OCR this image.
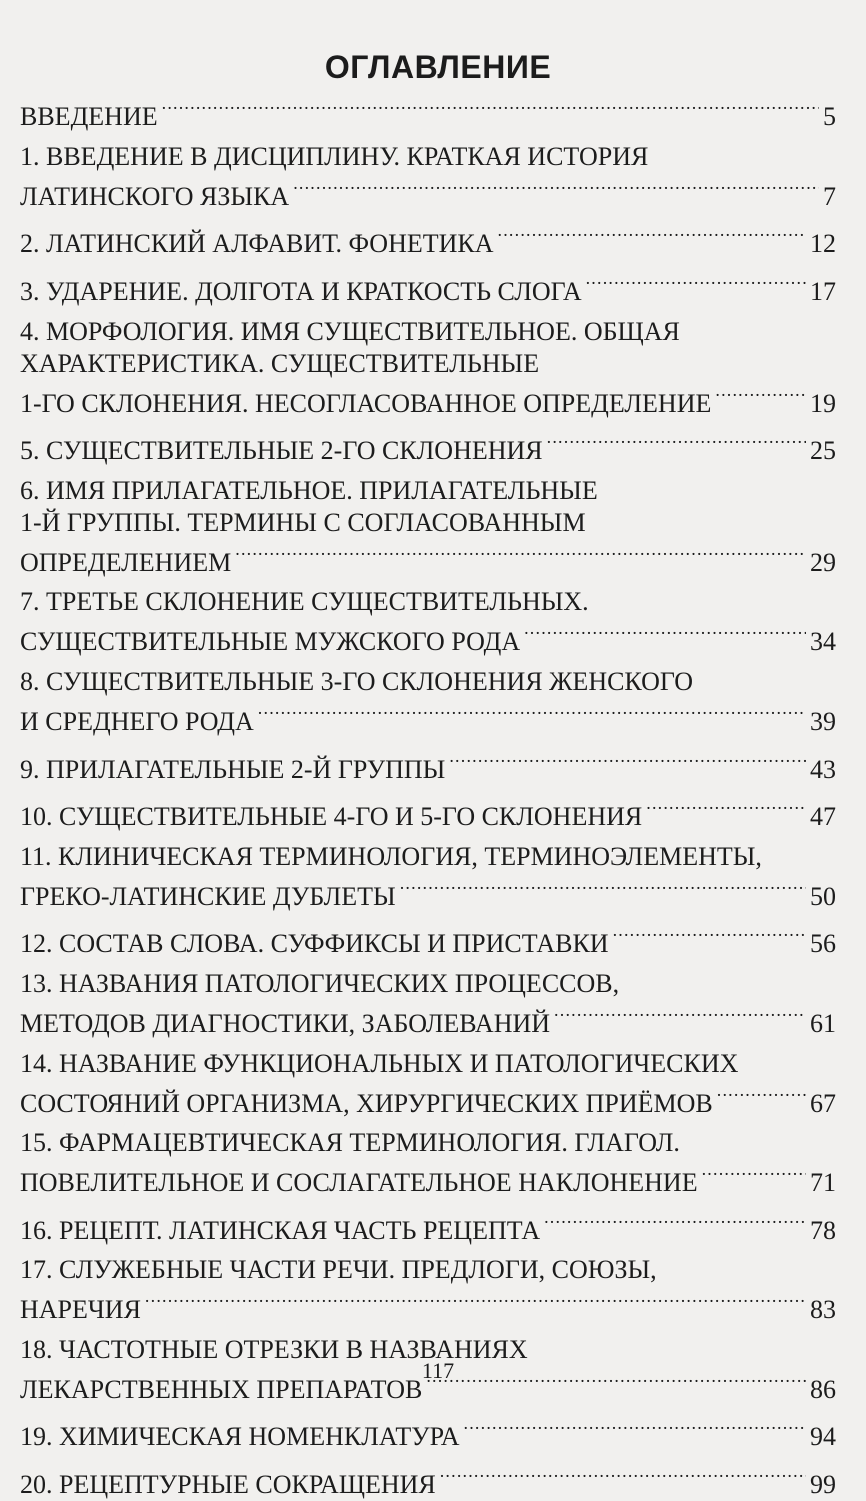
ОГЛАВЛЕНИЕ
ВВЕДЕНИЕ .....	5
1. ВВЕДЕНИЕ В ДИСЦИПЛИНУ. КРАТКАЯ ИСТОРИЯ
ЛАТИНСКОГО ЯЗЫКА .....	7
2. ЛАТИНСКИЙ АЛФАВИТ. ФОНЕТИКА .....	12
3. УДАРЕНИЕ. ДОЛГОТА И КРАТКОСТЬ СЛОГА .....	17
4. МОРФОЛОГИЯ. ИМЯ СУЩЕСТВИТЕЛЬНОЕ. ОБЩАЯ
ХАРАКТЕРИСТИКА. СУЩЕСТВИТЕЛЬНЫЕ
1-ГО СКЛОНЕНИЯ. НЕСОГЛАСОВАННОЕ ОПРЕДЕЛЕНИЕ .....	19
5. СУЩЕСТВИТЕЛЬНЫЕ 2-ГО СКЛОНЕНИЯ .....	25
6. ИМЯ ПРИЛАГАТЕЛЬНОЕ. ПРИЛАГАТЕЛЬНЫЕ
1-Й ГРУППЫ. ТЕРМИНЫ С СОГЛАСОВАННЫМ
ОПРЕДЕЛЕНИЕМ .....	29
7. ТРЕТЬЕ СКЛОНЕНИЕ СУЩЕСТВИТЕЛЬНЫХ.
СУЩЕСТВИТЕЛЬНЫЕ МУЖСКОГО РОДА .....	34
8. СУЩЕСТВИТЕЛЬНЫЕ 3-ГО СКЛОНЕНИЯ ЖЕНСКОГО
И СРЕДНЕГО РОДА .....	39
9. ПРИЛАГАТЕЛЬНЫЕ 2-Й ГРУППЫ .....	43
10. СУЩЕСТВИТЕЛЬНЫЕ 4-ГО И 5-ГО СКЛОНЕНИЯ .....	47
11. КЛИНИЧЕСКАЯ ТЕРМИНОЛОГИЯ, ТЕРМИНОЭЛЕМЕНТЫ,
ГРЕКО-ЛАТИНСКИЕ ДУБЛЕТЫ .....	50
12. СОСТАВ СЛОВА. СУФФИКСЫ И ПРИСТАВКИ .....	56
13. НАЗВАНИЯ ПАТОЛОГИЧЕСКИХ ПРОЦЕССОВ,
МЕТОДОВ ДИАГНОСТИКИ, ЗАБОЛЕВАНИЙ .....	61
14. НАЗВАНИЕ ФУНКЦИОНАЛЬНЫХ И ПАТОЛОГИЧЕСКИХ
СОСТОЯНИЙ ОРГАНИЗМА, ХИРУРГИЧЕСКИХ ПРИЁМОВ .....	67
15. ФАРМАЦЕВТИЧЕСКАЯ ТЕРМИНОЛОГИЯ. ГЛАГОЛ.
ПОВЕЛИТЕЛЬНОЕ И СОСЛАГАТЕЛЬНОЕ НАКЛОНЕНИЕ .....	71
16. РЕЦЕПТ. ЛАТИНСКАЯ ЧАСТЬ РЕЦЕПТА .....	78
17. СЛУЖЕБНЫЕ ЧАСТИ РЕЧИ. ПРЕДЛОГИ, СОЮЗЫ,
НАРЕЧИЯ .....	83
18. ЧАСТОТНЫЕ ОТРЕЗКИ В НАЗВАНИЯХ
ЛЕКАРСТВЕННЫХ ПРЕПАРАТОВ .....	86
19. ХИМИЧЕСКАЯ НОМЕНКЛАТУРА .....	94
20. РЕЦЕПТУРНЫЕ СОКРАЩЕНИЯ .....	99
117
